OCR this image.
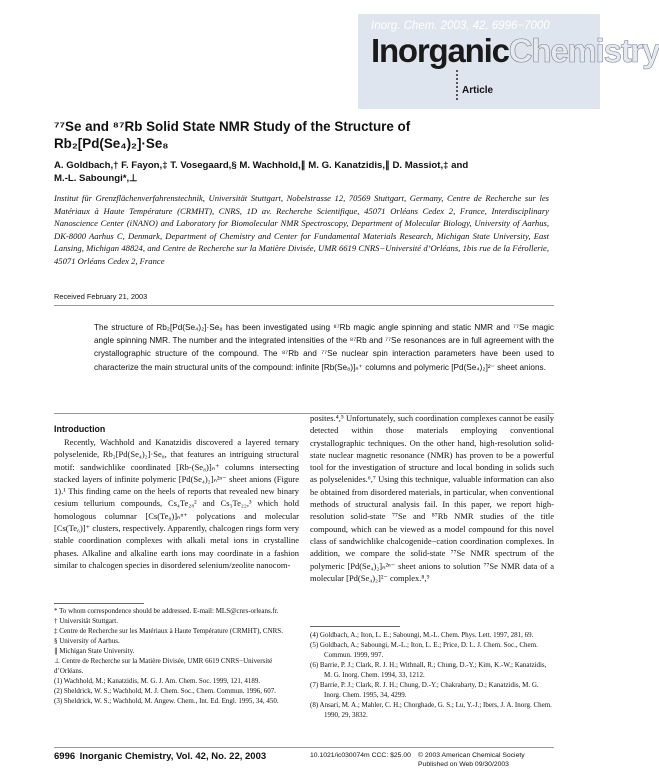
Inorg. Chem. 2003, 42, 6996−7000
InorganicChemistry
Article
⁷⁷Se and ⁸⁷Rb Solid State NMR Study of the Structure of
Rb₂[Pd(Se₄)₂]·Se₈
A. Goldbach,† F. Fayon,‡ T. Vosegaard,§ M. Wachhold,∥ M. G. Kanatzidis,∥ D. Massiot,‡ and
M.-L. Saboungi*,⊥
Institut für Grenzflächenverfahrenstechnik, Universität Stuttgart, Nobelstrasse 12, 70569 Stuttgart, Germany, Centre de Recherche sur les Matériaux à Haute Température (CRMHT), CNRS, 1D av. Recherche Scientifique, 45071 Orléans Cedex 2, France, Interdisciplinary Nanoscience Center (iNANO) and Laboratory for Biomolecular NMR Spectroscopy, Department of Molecular Biology, University of Aarhus, DK-8000 Aarhus C, Denmark, Department of Chemistry and Center for Fundamental Materials Research, Michigan State University, East Lansing, Michigan 48824, and Centre de Recherche sur la Matière Divisée, UMR 6619 CNRS−Université d’Orléans, 1bis rue de la Férollerie, 45071 Orléans Cedex 2, France
Received February 21, 2003
The structure of Rb₂[Pd(Se₄)₂]·Se₈ has been investigated using ⁸⁷Rb magic angle spinning and static NMR and ⁷⁷Se magic angle spinning NMR. The number and the integrated intensities of the ⁸⁷Rb and ⁷⁷Se resonances are in full agreement with the crystallographic structure of the compound. The ⁸⁷Rb and ⁷⁷Se nuclear spin interaction parameters have been used to characterize the main structural units of the compound: infinite [Rb(Se₈)]ₙ⁺ columns and polymeric [Pd(Se₄)₂]²⁻ sheet anions.
Introduction
Recently, Wachhold and Kanatzidis discovered a layered ternary polyselenide, Rb₂[Pd(Se₄)₂]·Se₈, that features an intriguing structural motif: sandwichlike coordinated [Rb-(Se₈)]ₙ⁺ columns intersecting stacked layers of infinite polymeric [Pd(Se₄)₂]ₙ²ⁿ⁻ sheet anions (Figure 1).¹ This finding came on the heels of reports that revealed new binary cesium tellurium compounds, Cs₄Te₂₈² and Cs₃Te₂₂,³ which hold homologous columnar [Cs(Te₈)]ₙⁿ⁺ polycations and molecular [Cs(Te₆)]⁺ clusters, respectively. Apparently, chalcogen rings form very stable coordination complexes with alkali metal ions in crystalline phases. Alkaline and alkaline earth ions may coordinate in a fashion similar to chalcogen species in disordered selenium/zeolite nanocom-
posites.⁴,⁵ Unfortunately, such coordination complexes cannot be easily detected within those materials employing conventional crystallographic techniques. On the other hand, high-resolution solid-state nuclear magnetic resonance (NMR) has proven to be a powerful tool for the investigation of structure and local bonding in solids such as polyselenides.⁶,⁷ Using this technique, valuable information can also be obtained from disordered materials, in particular, when conventional methods of structural analysis fail. In this paper, we report high-resolution solid-state ⁷⁷Se and ⁸⁷Rb NMR studies of the title compound, which can be viewed as a model compound for this novel class of sandwichlike chalcogenide−cation coordination complexes. In addition, we compare the solid-state ⁷⁷Se NMR spectrum of the polymeric [Pd(Se₄)₂]ₙ²ⁿ⁻ sheet anions to solution ⁷⁷Se NMR data of a molecular [Pd(Se₄)₂]²⁻ complex.⁸,⁹

* To whom correspondence should be addressed. E-mail: MLS@cnrs-orleans.fr.

† Universität Stuttgart.

‡ Centre de Recherche sur les Matériaux à Haute Température (CRMHT), CNRS.

§ University of Aarhus.

∥ Michigan State University.

⊥ Centre de Recherche sur la Matière Divisée, UMR 6619 CNRS−Université d’Orléans.

(1) Wachhold, M.; Kanatzidis, M. G. J. Am. Chem. Soc. 1999, 121, 4189.

(2) Sheldrick, W. S.; Wachhold, M. J. Chem. Soc., Chem. Commun. 1996, 607.

(3) Sheldrick, W. S.; Wachhold, M. Angew. Chem., Int. Ed. Engl. 1995, 34, 450.

(4) Goldbach, A.; Iton, L. E.; Saboungi, M.-L. Chem. Phys. Lett. 1997, 281, 69.

(5) Goldbach, A.; Saboungi, M.-L.; Iton, L. E.; Price, D. L. J. Chem. Soc., Chem. Commun. 1999, 997.

(6) Barrie, P. J.; Clark, R. J. H.; Withnall, R.; Chung, D.-Y.; Kim, K.-W.; Kanatzidis, M. G. Inorg. Chem. 1994, 33, 1212.

(7) Barrie, P. J.; Clark, R. J. H.; Chung, D.-Y.; Chakrabarty, D.; Kanatzidis, M. G. Inorg. Chem. 1995, 34, 4299.

(8) Ansari, M. A.; Mahler, C. H.; Chorghade, G. S.; Lu, Y.-J.; Ibers, J. A. Inorg. Chem. 1990, 29, 3832.

6996 Inorganic Chemistry, Vol. 42, No. 22, 2003	10.1021/ic030074m CCC: $25.00 © 2003 American Chemical Society
Published on Web 09/30/2003
